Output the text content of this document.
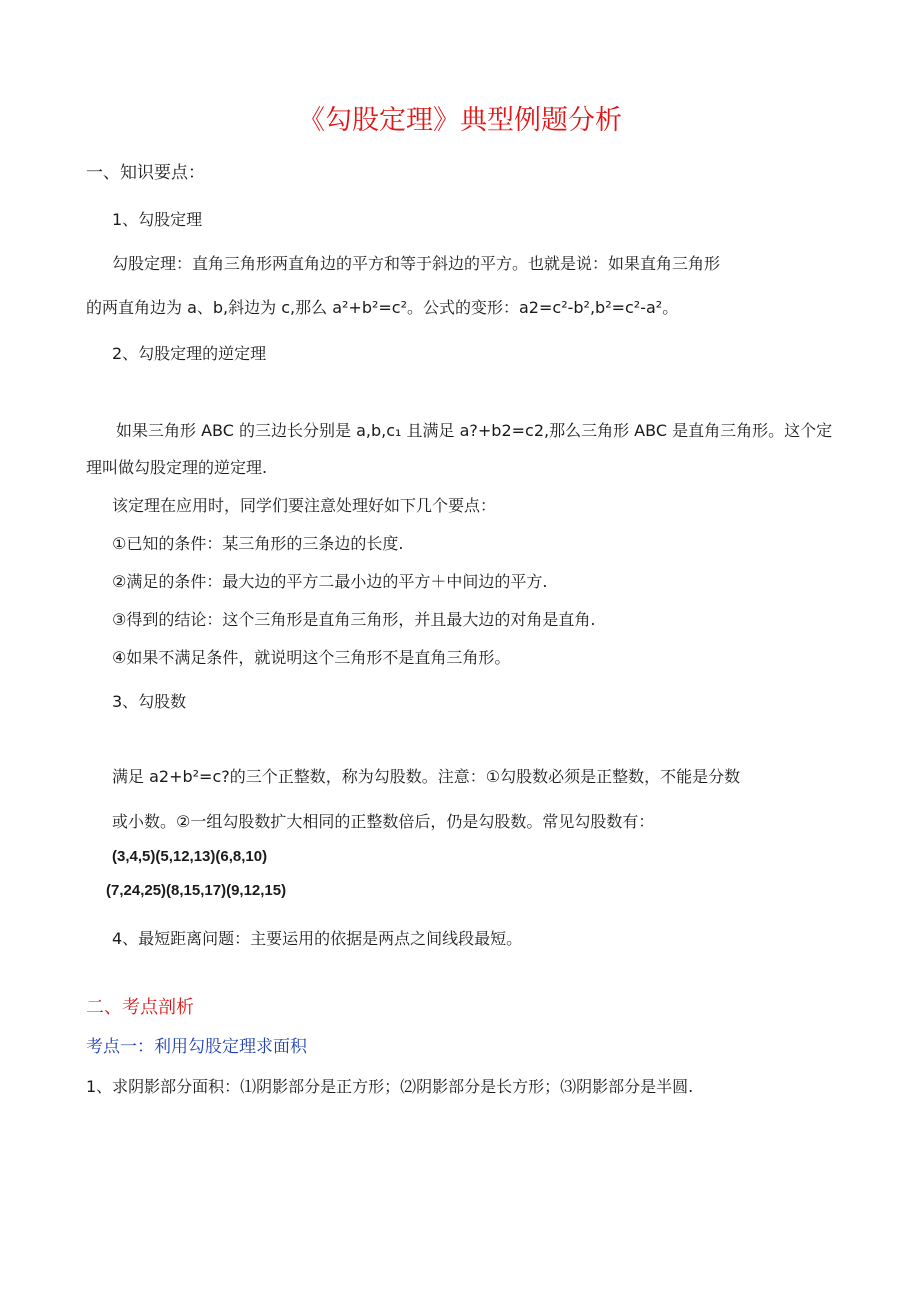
《勾股定理》典型例题分析
一、知识要点：
1、勾股定理
勾股定理：直角三角形两直角边的平方和等于斜边的平方。也就是说：如果直角三角形
的两直角边为 a、b,斜边为 c,那么 a²+b²=c²。公式的变形：a2=c²-b²,b²=c²-a²。
2、勾股定理的逆定理
如果三角形 ABC 的三边长分别是 a,b,c₁ 且满足 a?+b2=c2,那么三角形 ABC 是直角三角形。这个定
理叫做勾股定理的逆定理.
该定理在应用时，同学们要注意处理好如下几个要点：
①已知的条件：某三角形的三条边的长度.
②满足的条件：最大边的平方二最小边的平方＋中间边的平方.
③得到的结论：这个三角形是直角三角形，并且最大边的对角是直角.
④如果不满足条件，就说明这个三角形不是直角三角形。
3、勾股数
满足 a2+b²=c?的三个正整数，称为勾股数。注意：①勾股数必须是正整数，不能是分数
或小数。②一组勾股数扩大相同的正整数倍后，仍是勾股数。常见勾股数有：
(3,4,5)(5,12,13)(6,8,10)
(7,24,25)(8,15,17)(9,12,15)
4、最短距离问题：主要运用的依据是两点之间线段最短。
二、考点剖析
考点一：利用勾股定理求面积
1、求阴影部分面积：⑴阴影部分是正方形；⑵阴影部分是长方形；⑶阴影部分是半圆.
